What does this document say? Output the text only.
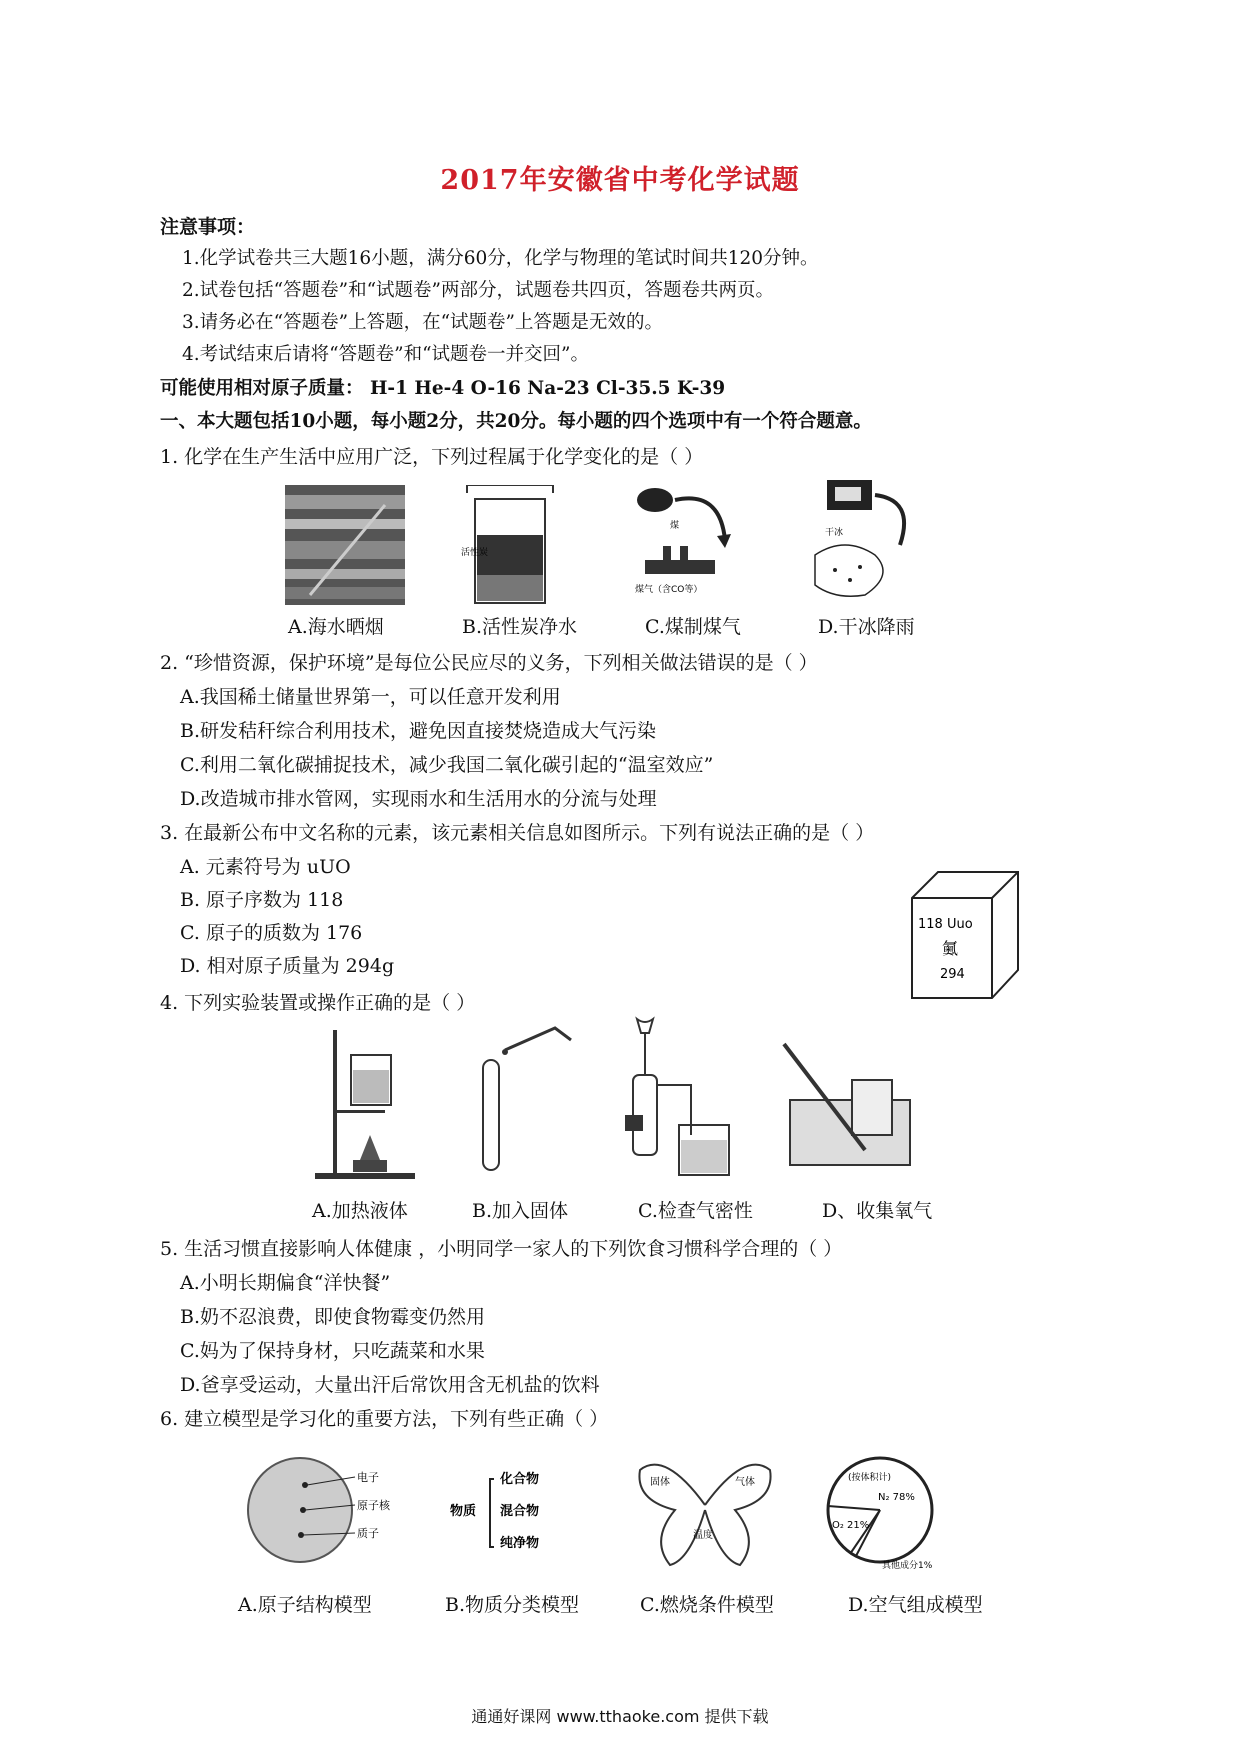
2017年安徽省中考化学试题
注意事项：
1.化学试卷共三大题16小题，满分60分，化学与物理的笔试时间共120分钟。
2.试卷包括“答题卷”和“试题卷”两部分，试题卷共四页，答题卷共两页。
3.请务必在“答题卷”上答题，在“试题卷”上答题是无效的。
4.考试结束后请将“答题卷”和“试题卷一并交回”。
可能使用相对原子质量： H-1 He-4 O-16 Na-23 Cl-35.5 K-39
一、本大题包括10小题，每小题2分，共20分。每小题的四个选项中有一个符合题意。
1. 化学在生产生活中应用广泛，下列过程属于化学变化的是（ ）
活性炭
煤
煤气（含CO等）
干冰
A.海水晒烟	B.活性炭净水	C.煤制煤气	D.干冰降雨
2. “珍惜资源，保护环境”是每位公民应尽的义务，下列相关做法错误的是（ ）
A.我国稀土储量世界第一，可以任意开发利用
B.研发秸秆综合利用技术，避免因直接焚烧造成大气污染
C.利用二氧化碳捕捉技术，减少我国二氧化碳引起的“温室效应”
D.改造城市排水管网，实现雨水和生活用水的分流与处理
3. 在最新公布中文名称的元素，该元素相关信息如图所示。下列有说法正确的是（ ）
A. 元素符号为 uUO
B. 原子序数为 118
C. 原子的质数为 176
D. 相对原子质量为 294g
118 Uuo
鿫
294
4. 下列实验装置或操作正确的是（ ）
A.加热液体	B.加入固体	C.检查气密性	D、收集氧气
5. 生活习惯直接影响人体健康 ，小明同学一家人的下列饮食习惯科学合理的（ ）
A.小明长期偏食“洋快餐”
B.奶不忍浪费，即使食物霉变仍然用
C.妈为了保持身材，只吃蔬菜和水果
D.爸享受运动，大量出汗后常饮用含无机盐的饮料
6. 建立模型是学习化的重要方法，下列有些正确（ ）
电子
原子核
质子
物质
化合物
混合物
纯净物
固体	气体
温度
(按体积计)
N₂ 78%
O₂ 21%
其他成分1%
A.原子结构模型	B.物质分类模型	C.燃烧条件模型	D.空气组成模型
通通好课网 www.tthaoke.com 提供下载
